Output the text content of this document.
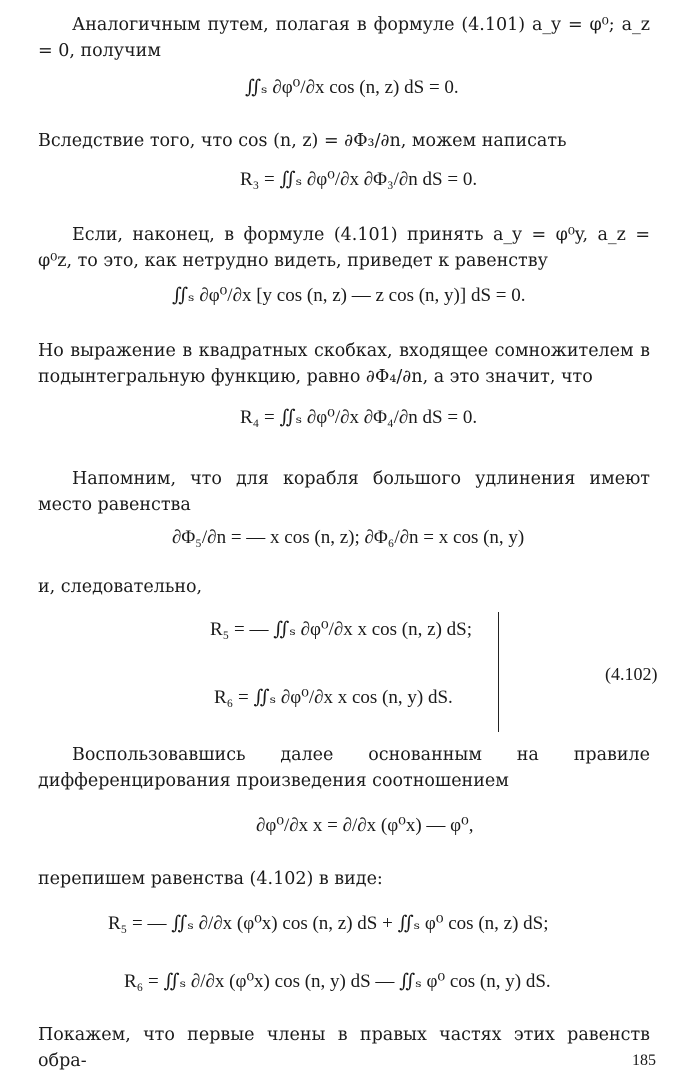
Аналогичным путем, полагая в формуле (4.101) a_y = φ⁰; a_z = 0, получим

∬ₛ ∂φ⁰/∂x cos (n, z) dS = 0.

Вследствие того, что cos (n, z) = ∂Φ₃/∂n, можем написать

R₃ = ∬ₛ ∂φ⁰/∂x ∂Φ₃/∂n dS = 0.

Если, наконец, в формуле (4.101) принять a_y = φ⁰y, a_z = φ⁰z, то это, как нетрудно видеть, приведет к равенству

∬ₛ ∂φ⁰/∂x [y cos (n, z) — z cos (n, y)] dS = 0.

Но выражение в квадратных скобках, входящее сомножителем в подынтегральную функцию, равно ∂Φ₄/∂n, а это значит, что

R₄ = ∬ₛ ∂φ⁰/∂x ∂Φ₄/∂n dS = 0.

Напомним, что для корабля большого удлинения имеют место равенства

∂Φ₅/∂n = — x cos (n, z); ∂Φ₆/∂n = x cos (n, y)

и, следовательно,

R₅ = — ∬ₛ ∂φ⁰/∂x x cos (n, z) dS;
R₆ = ∬ₛ ∂φ⁰/∂x x cos (n, y) dS.
(4.102)

Воспользовавшись далее основанным на правиле дифференцирования произведения соотношением

∂φ⁰/∂x x = ∂/∂x (φ⁰x) — φ⁰,

перепишем равенства (4.102) в виде:

R₅ = — ∬ₛ ∂/∂x (φ⁰x) cos (n, z) dS + ∬ₛ φ⁰ cos (n, z) dS;
R₆ = ∬ₛ ∂/∂x (φ⁰x) cos (n, y) dS — ∬ₛ φ⁰ cos (n, y) dS.

Покажем, что первые члены в правых частях этих равенств обра-	185
